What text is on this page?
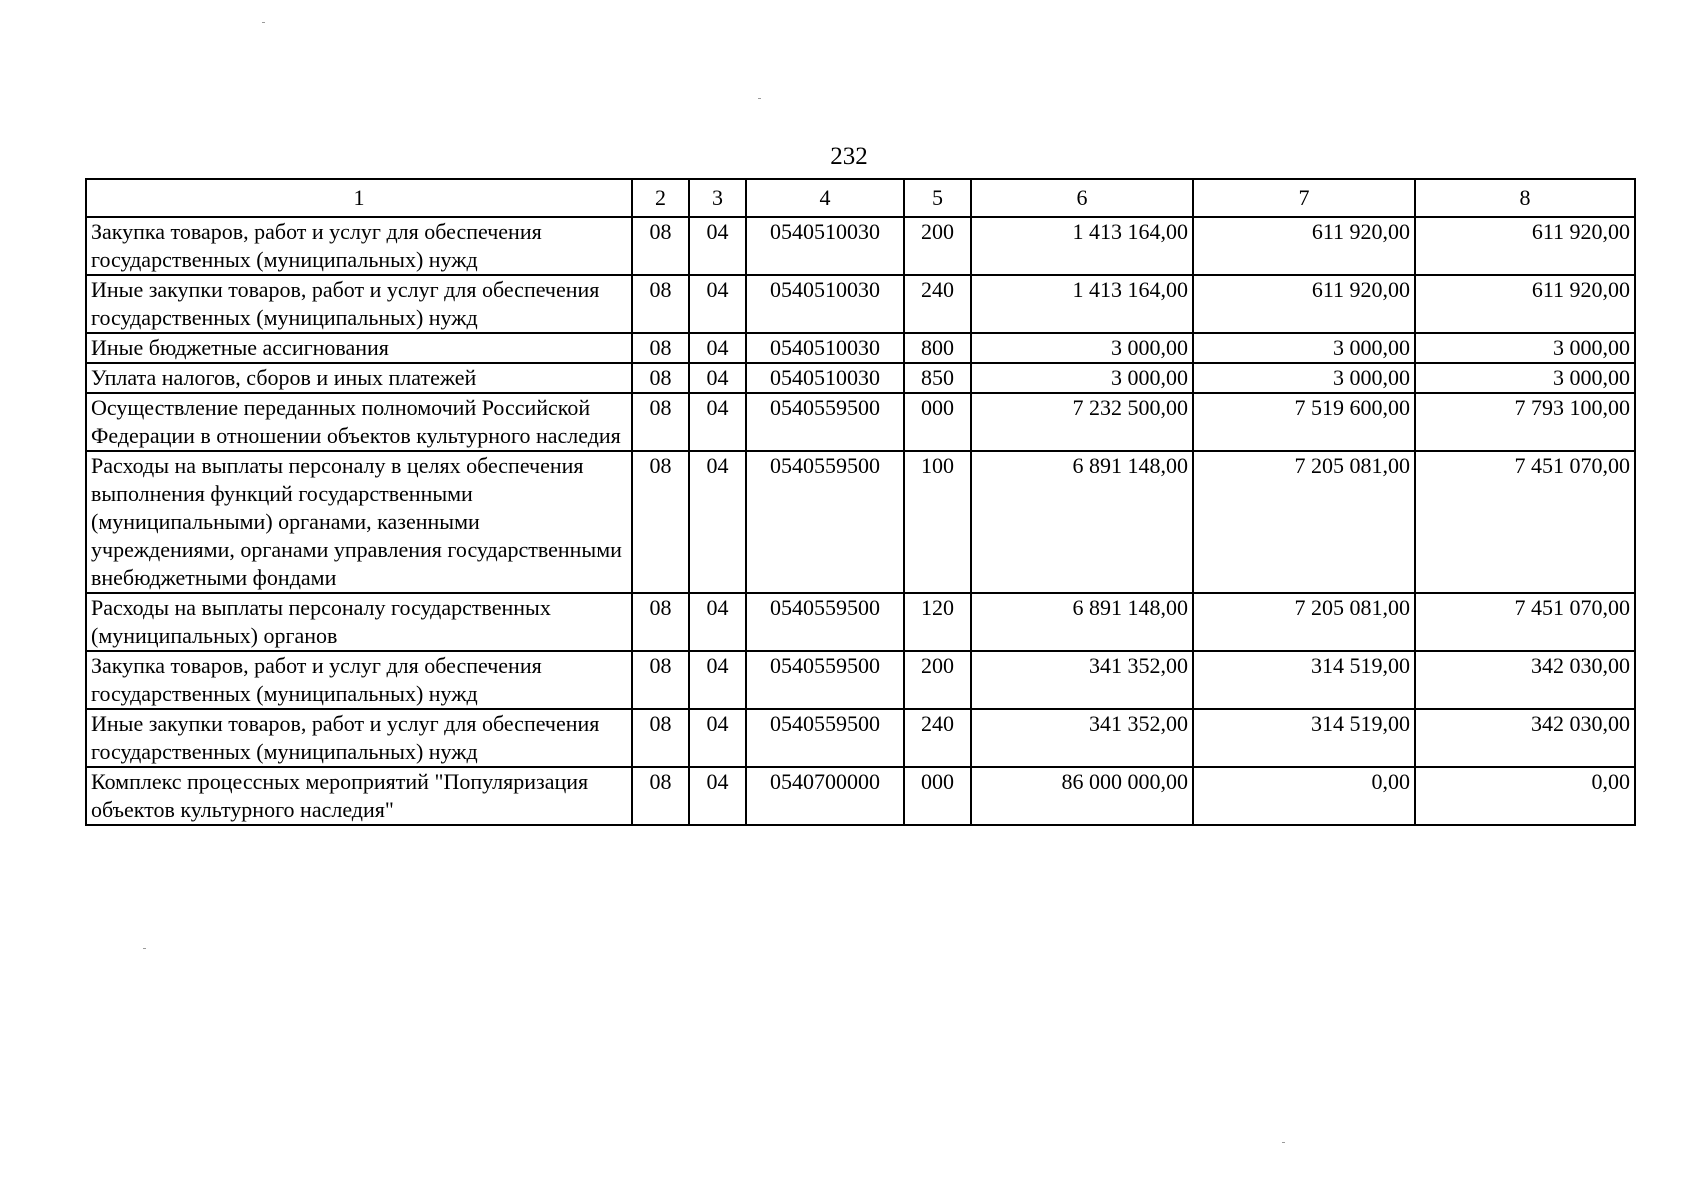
232
1	2	3	4	5	6	7	8
Закупка товаров, работ и услуг для обеспечения государственных (муниципальных) нужд	08	04	0540510030	200	1 413 164,00	611 920,00	611 920,00
Иные закупки товаров, работ и услуг для обеспечения государственных (муниципальных) нужд	08	04	0540510030	240	1 413 164,00	611 920,00	611 920,00
Иные бюджетные ассигнования	08	04	0540510030	800	3 000,00	3 000,00	3 000,00
Уплата налогов, сборов и иных платежей	08	04	0540510030	850	3 000,00	3 000,00	3 000,00
Осуществление переданных полномочий Российской Федерации в отношении объектов культурного наследия	08	04	0540559500	000	7 232 500,00	7 519 600,00	7 793 100,00
Расходы на выплаты персоналу в целях обеспечения выполнения функций государственными (муниципальными) органами, казенными учреждениями, органами управления государственными внебюджетными фондами	08	04	0540559500	100	6 891 148,00	7 205 081,00	7 451 070,00
Расходы на выплаты персоналу государственных (муниципальных) органов	08	04	0540559500	120	6 891 148,00	7 205 081,00	7 451 070,00
Закупка товаров, работ и услуг для обеспечения государственных (муниципальных) нужд	08	04	0540559500	200	341 352,00	314 519,00	342 030,00
Иные закупки товаров, работ и услуг для обеспечения государственных (муниципальных) нужд	08	04	0540559500	240	341 352,00	314 519,00	342 030,00
Комплекс процессных мероприятий "Популяризация объектов культурного наследия"	08	04	0540700000	000	86 000 000,00	0,00	0,00
